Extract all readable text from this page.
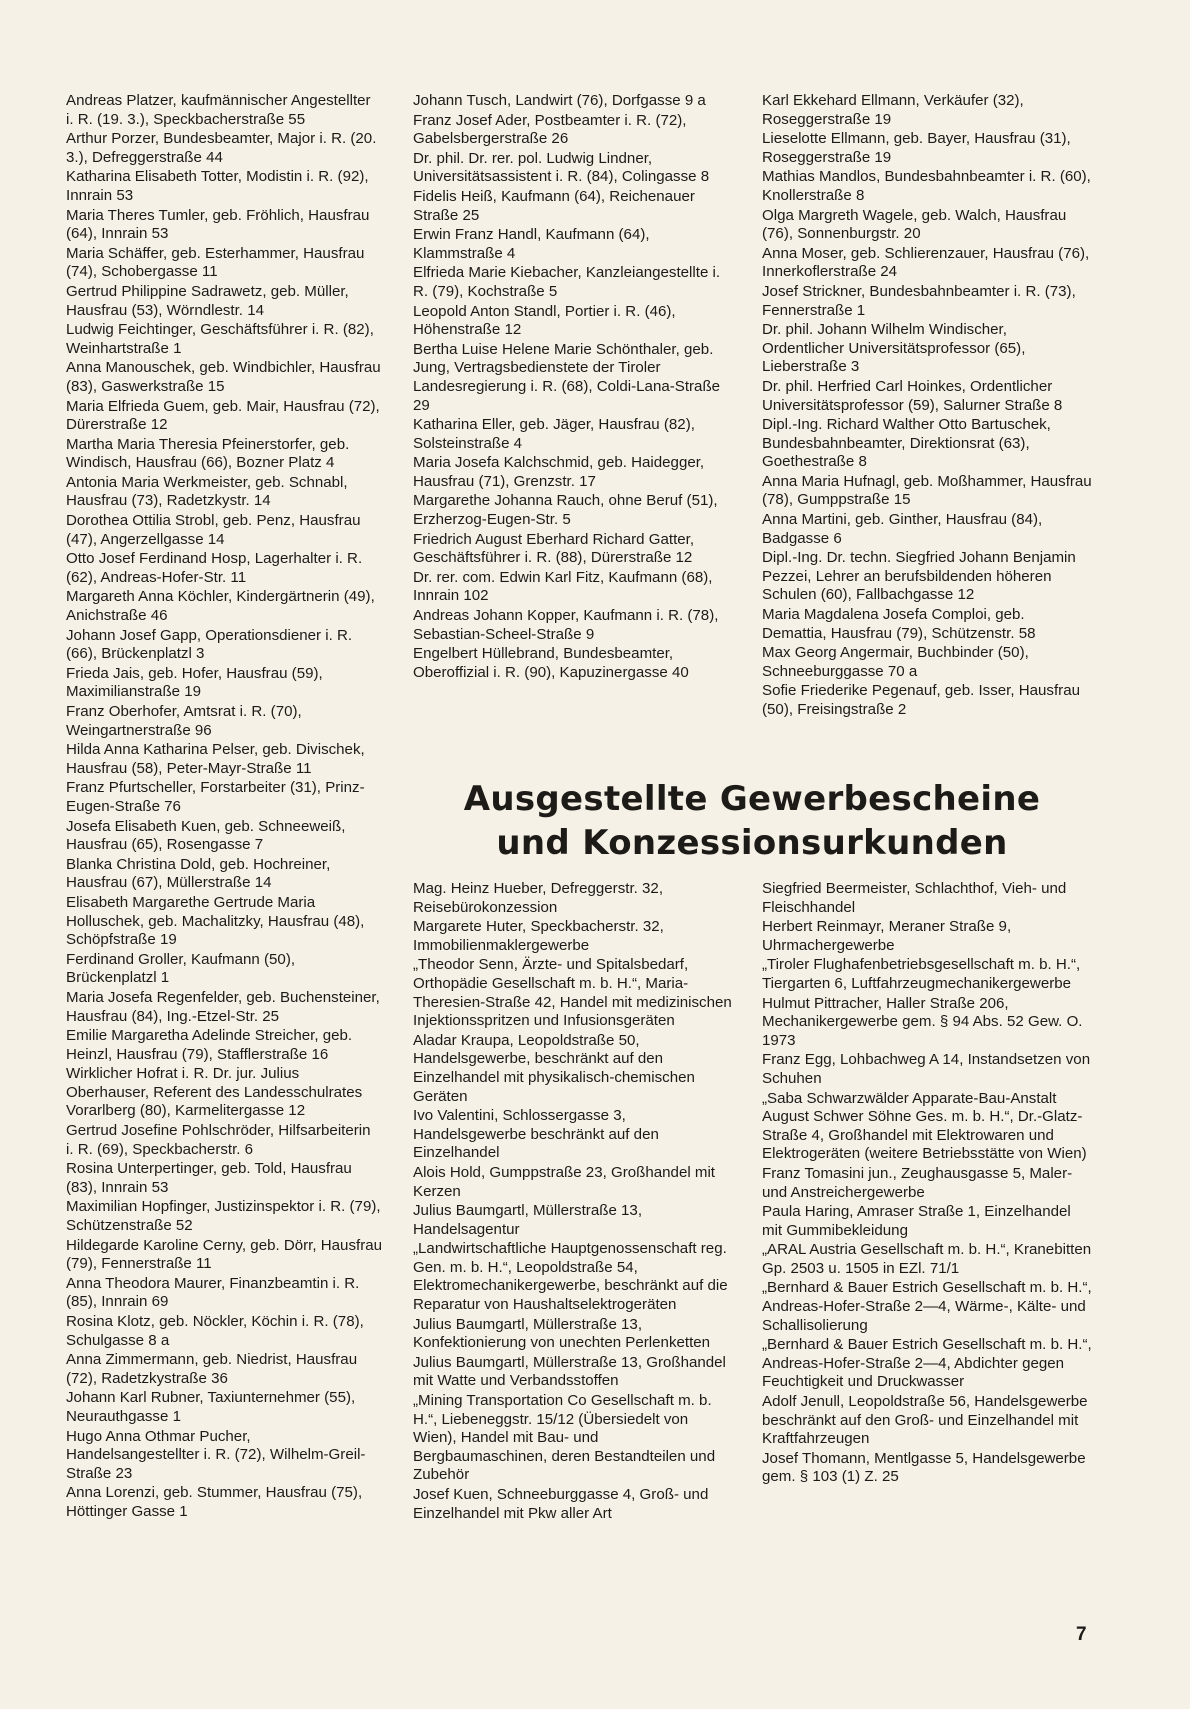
Andreas Platzer, kaufmännischer Angestellter i. R. (19. 3.), Speckbacherstraße 55
Arthur Porzer, Bundesbeamter, Major i. R. (20. 3.), Defreggerstraße 44
Katharina Elisabeth Totter, Modistin i. R. (92), Innrain 53
Maria Theres Tumler, geb. Fröhlich, Hausfrau (64), Innrain 53
Maria Schäffer, geb. Esterhammer, Hausfrau (74), Schobergasse 11
Gertrud Philippine Sadrawetz, geb. Müller, Hausfrau (53), Wörndlestr. 14
Ludwig Feichtinger, Geschäftsführer i. R. (82), Weinhartstraße 1
Anna Manouschek, geb. Windbichler, Hausfrau (83), Gaswerkstraße 15
Maria Elfrieda Guem, geb. Mair, Hausfrau (72), Dürerstraße 12
Martha Maria Theresia Pfeinerstorfer, geb. Windisch, Hausfrau (66), Bozner Platz 4
Antonia Maria Werkmeister, geb. Schnabl, Hausfrau (73), Radetzkystr. 14
Dorothea Ottilia Strobl, geb. Penz, Hausfrau (47), Angerzellgasse 14
Otto Josef Ferdinand Hosp, Lagerhalter i. R. (62), Andreas-Hofer-Str. 11
Margareth Anna Köchler, Kindergärtnerin (49), Anichstraße 46
Johann Josef Gapp, Operationsdiener i. R. (66), Brückenplatzl 3
Frieda Jais, geb. Hofer, Hausfrau (59), Maximilianstraße 19
Franz Oberhofer, Amtsrat i. R. (70), Weingartnerstraße 96
Hilda Anna Katharina Pelser, geb. Divischek, Hausfrau (58), Peter-Mayr-Straße 11
Franz Pfurtscheller, Forstarbeiter (31), Prinz-Eugen-Straße 76
Josefa Elisabeth Kuen, geb. Schneeweiß, Hausfrau (65), Rosengasse 7
Blanka Christina Dold, geb. Hochreiner, Hausfrau (67), Müllerstraße 14
Elisabeth Margarethe Gertrude Maria Holluschek, geb. Machalitzky, Hausfrau (48), Schöpfstraße 19
Ferdinand Groller, Kaufmann (50), Brückenplatzl 1
Maria Josefa Regenfelder, geb. Buchensteiner, Hausfrau (84), Ing.-Etzel-Str. 25
Emilie Margaretha Adelinde Streicher, geb. Heinzl, Hausfrau (79), Stafflerstraße 16
Wirklicher Hofrat i. R. Dr. jur. Julius Oberhauser, Referent des Landesschulrates Vorarlberg (80), Karmelitergasse 12
Gertrud Josefine Pohlschröder, Hilfsarbeiterin i. R. (69), Speckbacherstr. 6
Rosina Unterpertinger, geb. Told, Hausfrau (83), Innrain 53
Maximilian Hopfinger, Justizinspektor i. R. (79), Schützenstraße 52
Hildegarde Karoline Cerny, geb. Dörr, Hausfrau (79), Fennerstraße 11
Anna Theodora Maurer, Finanzbeamtin i. R. (85), Innrain 69
Rosina Klotz, geb. Nöckler, Köchin i. R. (78), Schulgasse 8 a
Anna Zimmermann, geb. Niedrist, Hausfrau (72), Radetzkystraße 36
Johann Karl Rubner, Taxiunternehmer (55), Neurauthgasse 1
Hugo Anna Othmar Pucher, Handelsangestellter i. R. (72), Wilhelm-Greil-Straße 23
Anna Lorenzi, geb. Stummer, Hausfrau (75), Höttinger Gasse 1
Johann Tusch, Landwirt (76), Dorfgasse 9 a
Franz Josef Ader, Postbeamter i. R. (72), Gabelsbergerstraße 26
Dr. phil. Dr. rer. pol. Ludwig Lindner, Universitätsassistent i. R. (84), Colingasse 8
Fidelis Heiß, Kaufmann (64), Reichenauer Straße 25
Erwin Franz Handl, Kaufmann (64), Klammstraße 4
Elfrieda Marie Kiebacher, Kanzleiangestellte i. R. (79), Kochstraße 5
Leopold Anton Standl, Portier i. R. (46), Höhenstraße 12
Bertha Luise Helene Marie Schönthaler, geb. Jung, Vertragsbedienstete der Tiroler Landesregierung i. R. (68), Coldi-Lana-Straße 29
Katharina Eller, geb. Jäger, Hausfrau (82), Solsteinstraße 4
Maria Josefa Kalchschmid, geb. Haidegger, Hausfrau (71), Grenzstr. 17
Margarethe Johanna Rauch, ohne Beruf (51), Erzherzog-Eugen-Str. 5
Friedrich August Eberhard Richard Gatter, Geschäftsführer i. R. (88), Dürerstraße 12
Dr. rer. com. Edwin Karl Fitz, Kaufmann (68), Innrain 102
Andreas Johann Kopper, Kaufmann i. R. (78), Sebastian-Scheel-Straße 9
Engelbert Hüllebrand, Bundesbeamter, Oberoffizial i. R. (90), Kapuzinergasse 40
Karl Ekkehard Ellmann, Verkäufer (32), Roseggerstraße 19
Lieselotte Ellmann, geb. Bayer, Hausfrau (31), Roseggerstraße 19
Mathias Mandlos, Bundesbahnbeamter i. R. (60), Knollerstraße 8
Olga Margreth Wagele, geb. Walch, Hausfrau (76), Sonnenburgstr. 20
Anna Moser, geb. Schlierenzauer, Hausfrau (76), Innerkoflerstraße 24
Josef Strickner, Bundesbahnbeamter i. R. (73), Fennerstraße 1
Dr. phil. Johann Wilhelm Windischer, Ordentlicher Universitätsprofessor (65), Lieberstraße 3
Dr. phil. Herfried Carl Hoinkes, Ordentlicher Universitätsprofessor (59), Salurner Straße 8
Dipl.-Ing. Richard Walther Otto Bartuschek, Bundesbahnbeamter, Direktionsrat (63), Goethestraße 8
Anna Maria Hufnagl, geb. Moßhammer, Hausfrau (78), Gumppstraße 15
Anna Martini, geb. Ginther, Hausfrau (84), Badgasse 6
Dipl.-Ing. Dr. techn. Siegfried Johann Benjamin Pezzei, Lehrer an berufsbildenden höheren Schulen (60), Fallbachgasse 12
Maria Magdalena Josefa Comploi, geb. Demattia, Hausfrau (79), Schützenstr. 58
Max Georg Angermair, Buchbinder (50), Schneeburggasse 70 a
Sofie Friederike Pegenauf, geb. Isser, Hausfrau (50), Freisingstraße 2
Ausgestellte Gewerbescheine
und Konzessionsurkunden
Mag. Heinz Hueber, Defreggerstr. 32, Reisebürokonzession
Margarete Huter, Speckbacherstr. 32, Immobilienmaklergewerbe
„Theodor Senn, Ärzte- und Spitalsbedarf, Orthopädie Gesellschaft m. b. H.“, Maria-Theresien-Straße 42, Handel mit medizinischen Injektionsspritzen und Infusionsgeräten
Aladar Kraupa, Leopoldstraße 50, Handelsgewerbe, beschränkt auf den Einzelhandel mit physikalisch-chemischen Geräten
Ivo Valentini, Schlossergasse 3, Handelsgewerbe beschränkt auf den Einzelhandel
Alois Hold, Gumppstraße 23, Großhandel mit Kerzen
Julius Baumgartl, Müllerstraße 13, Handelsagentur
„Landwirtschaftliche Hauptgenossenschaft reg. Gen. m. b. H.“, Leopoldstraße 54, Elektromechanikergewerbe, beschränkt auf die Reparatur von Haushaltselektrogeräten
Julius Baumgartl, Müllerstraße 13, Konfektionierung von unechten Perlenketten
Julius Baumgartl, Müllerstraße 13, Großhandel mit Watte und Verbandsstoffen
„Mining Transportation Co Gesellschaft m. b. H.“, Liebeneggstr. 15/12 (Übersiedelt von Wien), Handel mit Bau- und Bergbaumaschinen, deren Bestandteilen und Zubehör
Josef Kuen, Schneeburggasse 4, Groß- und Einzelhandel mit Pkw aller Art
Siegfried Beermeister, Schlachthof, Vieh- und Fleischhandel
Herbert Reinmayr, Meraner Straße 9, Uhrmachergewerbe
„Tiroler Flughafenbetriebsgesellschaft m. b. H.“, Tiergarten 6, Luftfahrzeugmechanikergewerbe
Hulmut Pittracher, Haller Straße 206, Mechanikergewerbe gem. § 94 Abs. 52 Gew. O. 1973
Franz Egg, Lohbachweg A 14, Instandsetzen von Schuhen
„Saba Schwarzwälder Apparate-Bau-Anstalt August Schwer Söhne Ges. m. b. H.“, Dr.-Glatz-Straße 4, Großhandel mit Elektrowaren und Elektrogeräten (weitere Betriebsstätte von Wien)
Franz Tomasini jun., Zeughausgasse 5, Maler- und Anstreichergewerbe
Paula Haring, Amraser Straße 1, Einzelhandel mit Gummibekleidung
„ARAL Austria Gesellschaft m. b. H.“, Kranebitten Gp. 2503 u. 1505 in EZl. 71/1
„Bernhard & Bauer Estrich Gesellschaft m. b. H.“, Andreas-Hofer-Straße 2—4, Wärme-, Kälte- und Schallisolierung
„Bernhard & Bauer Estrich Gesellschaft m. b. H.“, Andreas-Hofer-Straße 2—4, Abdichter gegen Feuchtigkeit und Druckwasser
Adolf Jenull, Leopoldstraße 56, Handelsgewerbe beschränkt auf den Groß- und Einzelhandel mit Kraftfahrzeugen
Josef Thomann, Mentlgasse 5, Handelsgewerbe gem. § 103 (1) Z. 25
7
